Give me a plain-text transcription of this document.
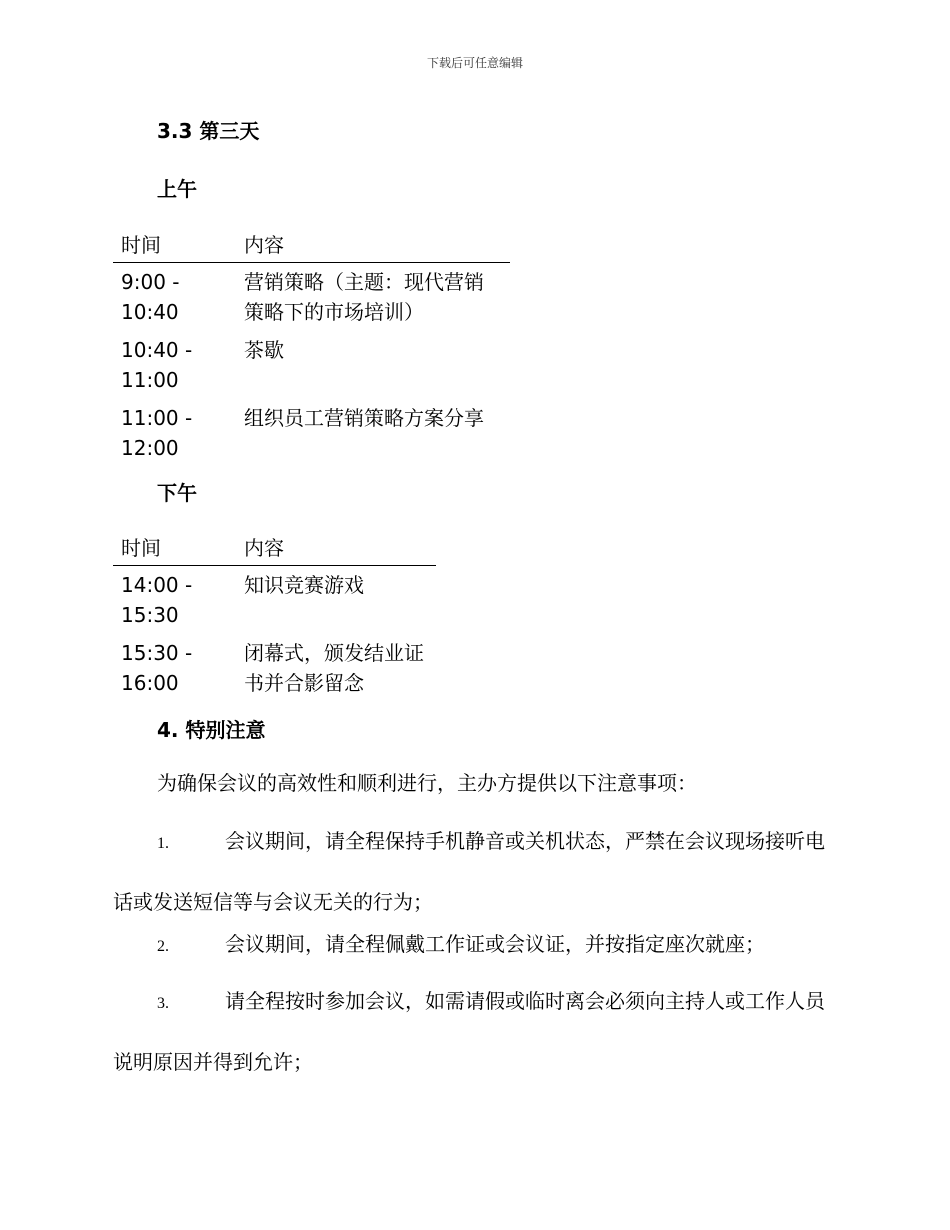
下载后可任意编辑
3.3 第三天
上午
时间	内容
9:00 -
10:40	营销策略（主题：现代营销策略下的市场培训）
10:40 -
11:00	茶歇
11:00 -
12:00	组织员工营销策略方案分享
下午
时间	内容
14:00 -
15:30	知识竞赛游戏
15:30 -
16:00	闭幕式，颁发结业证书并合影留念
4. 特别注意

为确保会议的高效性和顺利进行，主办方提供以下注意事项：

1.	会议期间，请全程保持手机静音或关机状态，严禁在会议现场接听电话或发送短信等与会议无关的行为；

2.	会议期间，请全程佩戴工作证或会议证，并按指定座次就座；

3.	请全程按时参加会议，如需请假或临时离会必须向主持人或工作人员说明原因并得到允许；
